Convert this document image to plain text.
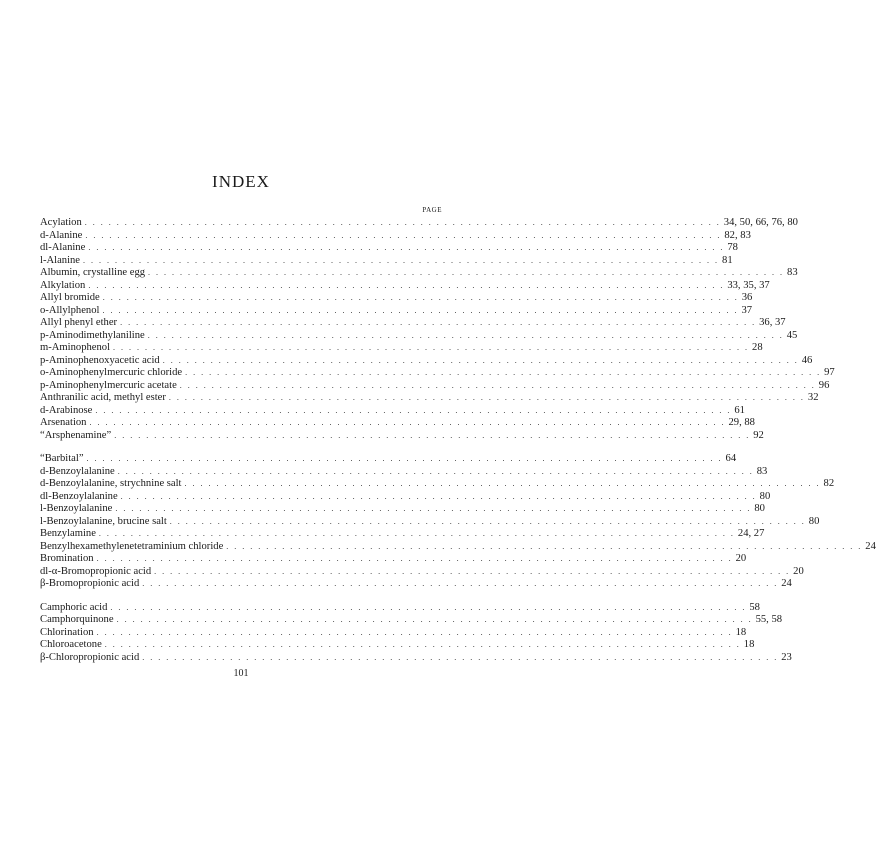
INDEX
PAGE
Acylation . . . . . . . . . . . . . . . . . . . . . . . . . . . . . . . . . . . . . . . . . . . . . . . . . . . . . . . . . . . . . . . . . . . . . . . . . . . . . . . . 34, 50, 66, 76, 80
d-Alanine . . . . . . . . . . . . . . . . . . . . . . . . . . . . . . . . . . . . . . . . . . . . . . . . . . . . . . . . . . . . . . . . . . . . . . . . . . . . . . . . 82, 83
dl-Alanine . . . . . . . . . . . . . . . . . . . . . . . . . . . . . . . . . . . . . . . . . . . . . . . . . . . . . . . . . . . . . . . . . . . . . . . . . . . . . . . . 78
l-Alanine . . . . . . . . . . . . . . . . . . . . . . . . . . . . . . . . . . . . . . . . . . . . . . . . . . . . . . . . . . . . . . . . . . . . . . . . . . . . . . . . 81
Albumin, crystalline egg . . . . . . . . . . . . . . . . . . . . . . . . . . . . . . . . . . . . . . . . . . . . . . . . . . . . . . . . . . . . . . . . . . . . . . . . . . . . . . . . 83
Alkylation . . . . . . . . . . . . . . . . . . . . . . . . . . . . . . . . . . . . . . . . . . . . . . . . . . . . . . . . . . . . . . . . . . . . . . . . . . . . . . . . 33, 35, 37
Allyl bromide . . . . . . . . . . . . . . . . . . . . . . . . . . . . . . . . . . . . . . . . . . . . . . . . . . . . . . . . . . . . . . . . . . . . . . . . . . . . . . . . 36
o-Allylphenol . . . . . . . . . . . . . . . . . . . . . . . . . . . . . . . . . . . . . . . . . . . . . . . . . . . . . . . . . . . . . . . . . . . . . . . . . . . . . . . . 37
Allyl phenyl ether . . . . . . . . . . . . . . . . . . . . . . . . . . . . . . . . . . . . . . . . . . . . . . . . . . . . . . . . . . . . . . . . . . . . . . . . . . . . . . . . 36, 37
p-Aminodimethylaniline . . . . . . . . . . . . . . . . . . . . . . . . . . . . . . . . . . . . . . . . . . . . . . . . . . . . . . . . . . . . . . . . . . . . . . . . . . . . . . . . 45
m-Aminophenol . . . . . . . . . . . . . . . . . . . . . . . . . . . . . . . . . . . . . . . . . . . . . . . . . . . . . . . . . . . . . . . . . . . . . . . . . . . . . . . . 28
p-Aminophenoxyacetic acid . . . . . . . . . . . . . . . . . . . . . . . . . . . . . . . . . . . . . . . . . . . . . . . . . . . . . . . . . . . . . . . . . . . . . . . . . . . . . . . . 46
o-Aminophenylmercuric chloride . . . . . . . . . . . . . . . . . . . . . . . . . . . . . . . . . . . . . . . . . . . . . . . . . . . . . . . . . . . . . . . . . . . . . . . . . . . . . . . . 97
p-Aminophenylmercuric acetate . . . . . . . . . . . . . . . . . . . . . . . . . . . . . . . . . . . . . . . . . . . . . . . . . . . . . . . . . . . . . . . . . . . . . . . . . . . . . . . . 96
Anthranilic acid, methyl ester . . . . . . . . . . . . . . . . . . . . . . . . . . . . . . . . . . . . . . . . . . . . . . . . . . . . . . . . . . . . . . . . . . . . . . . . . . . . . . . . 32
d-Arabinose . . . . . . . . . . . . . . . . . . . . . . . . . . . . . . . . . . . . . . . . . . . . . . . . . . . . . . . . . . . . . . . . . . . . . . . . . . . . . . . . 61
Arsenation . . . . . . . . . . . . . . . . . . . . . . . . . . . . . . . . . . . . . . . . . . . . . . . . . . . . . . . . . . . . . . . . . . . . . . . . . . . . . . . . 29, 88
“Arsphenamine” . . . . . . . . . . . . . . . . . . . . . . . . . . . . . . . . . . . . . . . . . . . . . . . . . . . . . . . . . . . . . . . . . . . . . . . . . . . . . . . . 92
“Barbital” . . . . . . . . . . . . . . . . . . . . . . . . . . . . . . . . . . . . . . . . . . . . . . . . . . . . . . . . . . . . . . . . . . . . . . . . . . . . . . . . 64
d-Benzoylalanine . . . . . . . . . . . . . . . . . . . . . . . . . . . . . . . . . . . . . . . . . . . . . . . . . . . . . . . . . . . . . . . . . . . . . . . . . . . . . . . . 83
d-Benzoylalanine, strychnine salt . . . . . . . . . . . . . . . . . . . . . . . . . . . . . . . . . . . . . . . . . . . . . . . . . . . . . . . . . . . . . . . . . . . . . . . . . . . . . . . . 82
dl-Benzoylalanine . . . . . . . . . . . . . . . . . . . . . . . . . . . . . . . . . . . . . . . . . . . . . . . . . . . . . . . . . . . . . . . . . . . . . . . . . . . . . . . . 80
l-Benzoylalanine . . . . . . . . . . . . . . . . . . . . . . . . . . . . . . . . . . . . . . . . . . . . . . . . . . . . . . . . . . . . . . . . . . . . . . . . . . . . . . . . 80
l-Benzoylalanine, brucine salt . . . . . . . . . . . . . . . . . . . . . . . . . . . . . . . . . . . . . . . . . . . . . . . . . . . . . . . . . . . . . . . . . . . . . . . . . . . . . . . . 80
Benzylamine . . . . . . . . . . . . . . . . . . . . . . . . . . . . . . . . . . . . . . . . . . . . . . . . . . . . . . . . . . . . . . . . . . . . . . . . . . . . . . . . 24, 27
Benzylhexamethylenetetraminium chloride . . . . . . . . . . . . . . . . . . . . . . . . . . . . . . . . . . . . . . . . . . . . . . . . . . . . . . . . . . . . . . . . . . . . . . . . . . . . . . . . 24
Bromination . . . . . . . . . . . . . . . . . . . . . . . . . . . . . . . . . . . . . . . . . . . . . . . . . . . . . . . . . . . . . . . . . . . . . . . . . . . . . . . . 20
dl-α-Bromopropionic acid . . . . . . . . . . . . . . . . . . . . . . . . . . . . . . . . . . . . . . . . . . . . . . . . . . . . . . . . . . . . . . . . . . . . . . . . . . . . . . . . 20
β-Bromopropionic acid . . . . . . . . . . . . . . . . . . . . . . . . . . . . . . . . . . . . . . . . . . . . . . . . . . . . . . . . . . . . . . . . . . . . . . . . . . . . . . . . 24
Camphoric acid . . . . . . . . . . . . . . . . . . . . . . . . . . . . . . . . . . . . . . . . . . . . . . . . . . . . . . . . . . . . . . . . . . . . . . . . . . . . . . . . 58
Camphorquinone . . . . . . . . . . . . . . . . . . . . . . . . . . . . . . . . . . . . . . . . . . . . . . . . . . . . . . . . . . . . . . . . . . . . . . . . . . . . . . . . 55, 58
Chlorination . . . . . . . . . . . . . . . . . . . . . . . . . . . . . . . . . . . . . . . . . . . . . . . . . . . . . . . . . . . . . . . . . . . . . . . . . . . . . . . . 18
Chloroacetone . . . . . . . . . . . . . . . . . . . . . . . . . . . . . . . . . . . . . . . . . . . . . . . . . . . . . . . . . . . . . . . . . . . . . . . . . . . . . . . . 18
β-Chloropropionic acid . . . . . . . . . . . . . . . . . . . . . . . . . . . . . . . . . . . . . . . . . . . . . . . . . . . . . . . . . . . . . . . . . . . . . . . . . . . . . . . . 23
101
